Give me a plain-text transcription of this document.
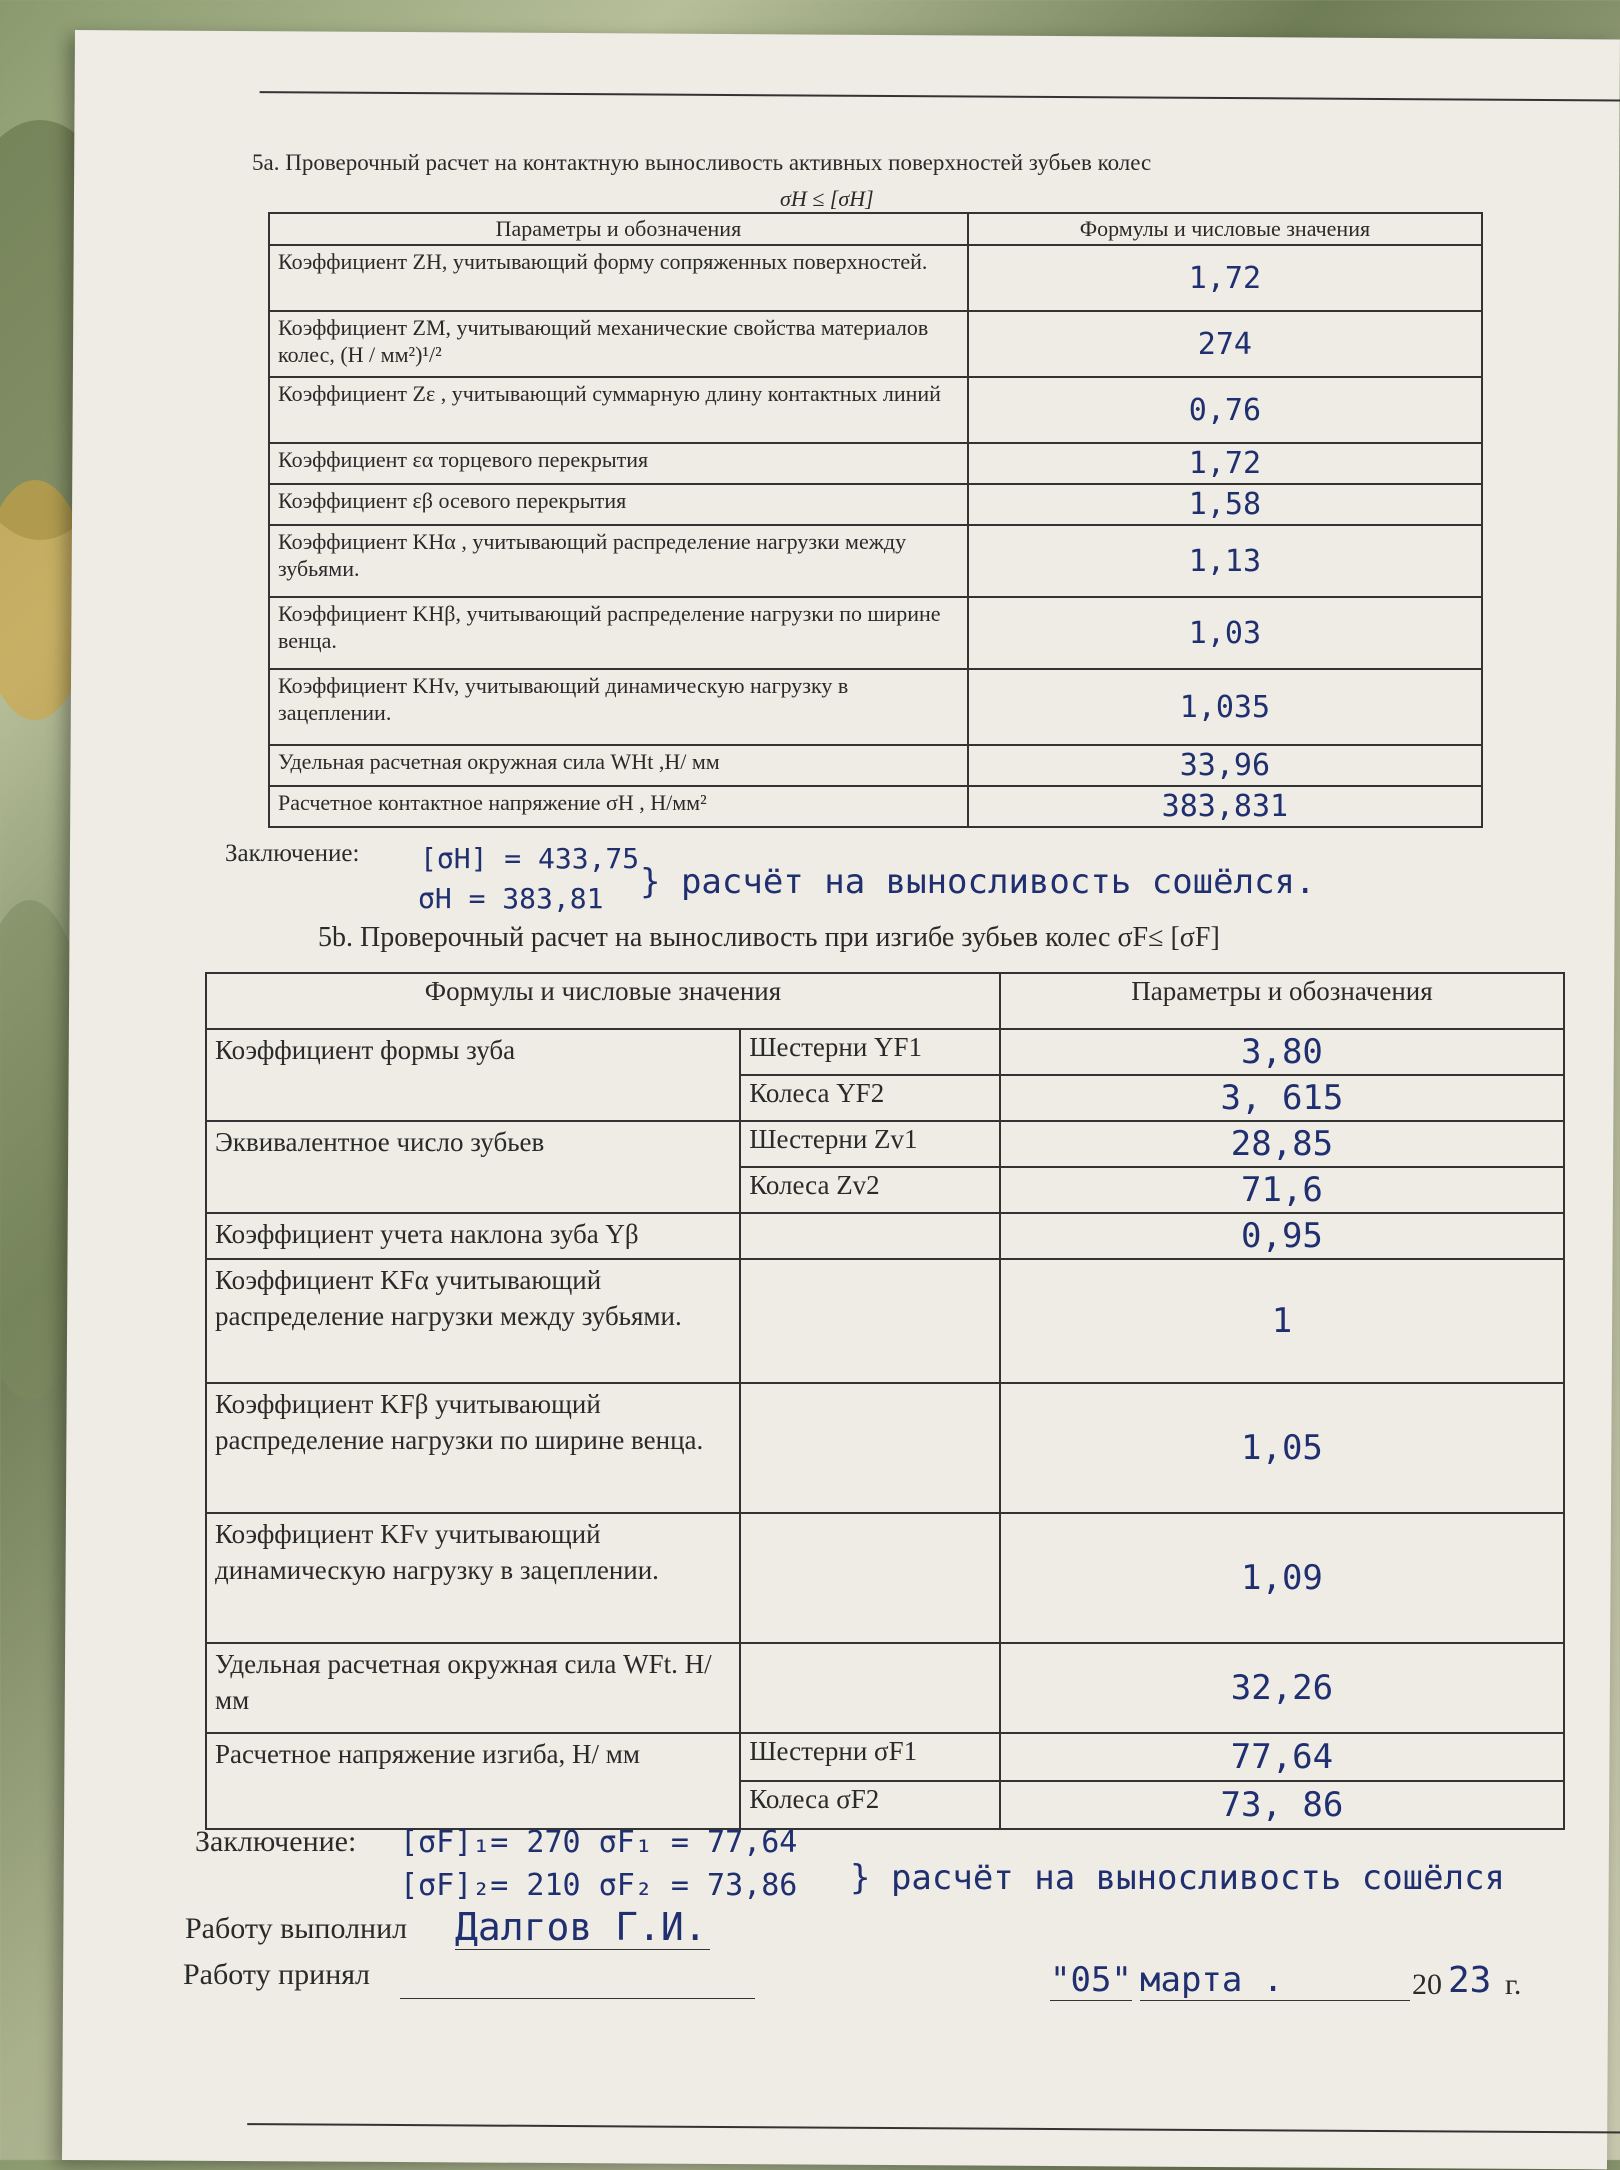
5а. Проверочный расчет на контактную выносливость активных поверхностей зубьев колес
σH ≤ [σH]
Параметры и обозначения	Формулы и числовые значения
Коэффициент ZH, учитывающий форму сопряженных поверхностей.	1,72
Коэффициент ZM, учитывающий механические свойства материалов колес, (Н / мм²)¹/²	274
Коэффициент Zε , учитывающий суммарную длину контактных линий	0,76
Коэффициент εα торцевого перекрытия	1,72
Коэффициент εβ осевого перекрытия	1,58
Коэффициент KHα , учитывающий распределение нагрузки между зубьями.	1,13
Коэффициент KHβ, учитывающий распределение нагрузки по ширине венца.	1,03
Коэффициент KHv, учитывающий динамическую нагрузку в зацеплении.	1,035
Удельная расчетная окружная сила WHt ,Н/ мм	33,96
Расчетное контактное напряжение σH , Н/мм²	383,831
Заключение: [σH] = 433,75
σH = 383,81 } расчёт на выносливость сошёлся.
5b. Проверочный расчет на выносливость при изгибе зубьев колес σF≤ [σF]
Формулы и числовые значения		Параметры и обозначения
Коэффициент формы зуба	Шестерни YF1	3,80
	Колеса YF2	3, 615
Эквивалентное число зубьев	Шестерни Zv1	28,85
	Колеса Zv2	71,6
Коэффициент учета наклона зуба Yβ		0,95
Коэффициент KFα учитывающий распределение нагрузки между зубьями.		1
Коэффициент KFβ учитывающий распределение нагрузки по ширине венца.		1,05
Коэффициент KFv учитывающий динамическую нагрузку в зацеплении.		1,09
Удельная расчетная окружная сила WFt. Н/ мм		32,26
Расчетное напряжение изгиба, Н/ мм	Шестерни σF1	77,64
	Колеса σF2	73, 86
Заключение: [σF]₁= 270 σF₁ = 77,64
[σF]₂= 210 σF₂ = 73,86 } расчёт на выносливость сошёлся
Работу выполнил Далгов Г.И.
Работу принял	"05" марта .	20 23 г.
